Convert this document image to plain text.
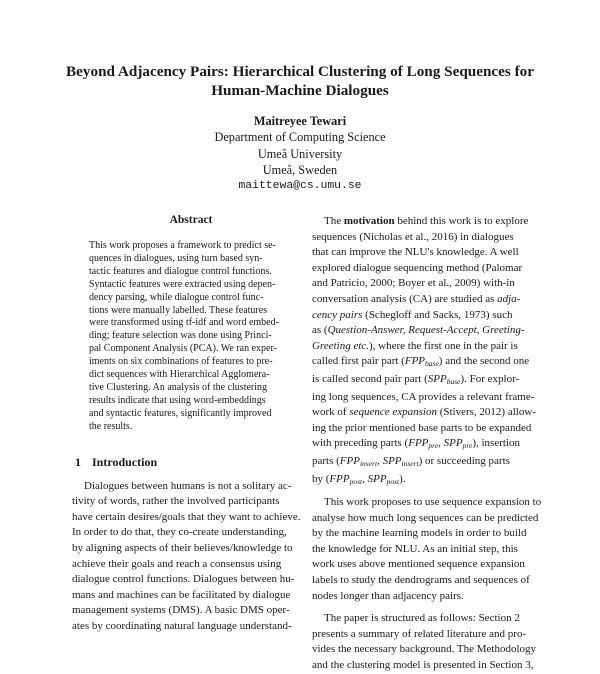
Beyond Adjacency Pairs: Hierarchical Clustering of Long Sequences for
Human-Machine Dialogues
Maitreyee Tewari
Department of Computing Science
Umeå University
Umeå, Sweden
maittewa@cs.umu.se
Abstract

This work proposes a framework to predict se-

quences in dialogues, using turn based syn-

tactic features and dialogue control functions.

Syntactic features were extracted using depen-

dency parsing, while dialogue control func-

tions were manually labelled. These features

were transformed using tf-idf and word embed-

ding; feature selection was done using Princi-

pal Component Analysis (PCA). We ran exper-

iments on six combinations of features to pre-

dict sequences with Hierarchical Agglomera-

tive Clustering. An analysis of the clustering

results indicate that using word-embeddings

and syntactic features, significantly improved

the results.

1 Introduction

Dialogues between humans is not a solitary ac-

tivity of words, rather the involved participants

have certain desires/goals that they want to achieve.

In order to do that, they co-create understanding,

by aligning aspects of their believes/knowledge to

achieve their goals and reach a consensus using

dialogue control functions. Dialogues between hu-

mans and machines can be facilitated by dialogue

management systems (DMS). A basic DMS oper-

ates by coordinating natural language understand-

The motivation behind this work is to explore

sequences (Nicholas et al., 2016) in dialogues

that can improve the NLU's knowledge. A well

explored dialogue sequencing method (Palomar

and Patricio, 2000; Boyer et al., 2009) with-in

conversation analysis (CA) are studied as adja-

cency pairs (Schegloff and Sacks, 1973) such

as (Question-Answer, Request-Accept, Greeting-

Greeting etc.), where the first one in the pair is

called first pair part $(FPP_{base})$ and the second one

is called second pair part $(SPP_{base})$. For explor-

ing long sequences, CA provides a relevant frame-

work of sequence expansion (Stivers, 2012) allow-

ing the prior mentioned base parts to be expanded

with preceding parts ($FPP_{pre}$, $SPP_{pre}$), insertion

parts ($FPP_{insert}$, $SPP_{insert}$) or succeeding parts

by ($FPP_{post}$, $SPP_{post}$).

This work proposes to use sequence expansion to

analyse how much long sequences can be predicted

by the machine learning models in order to build

the knowledge for NLU. As an initial step, this

work uses above mentioned sequence expansion

labels to study the dendrograms and sequences of

nodes longer than adjacency pairs.

The paper is structured as follows: Section 2

presents a summary of related literature and pro-

vides the necessary background. The Methodology

and the clustering model is presented in Section 3,
